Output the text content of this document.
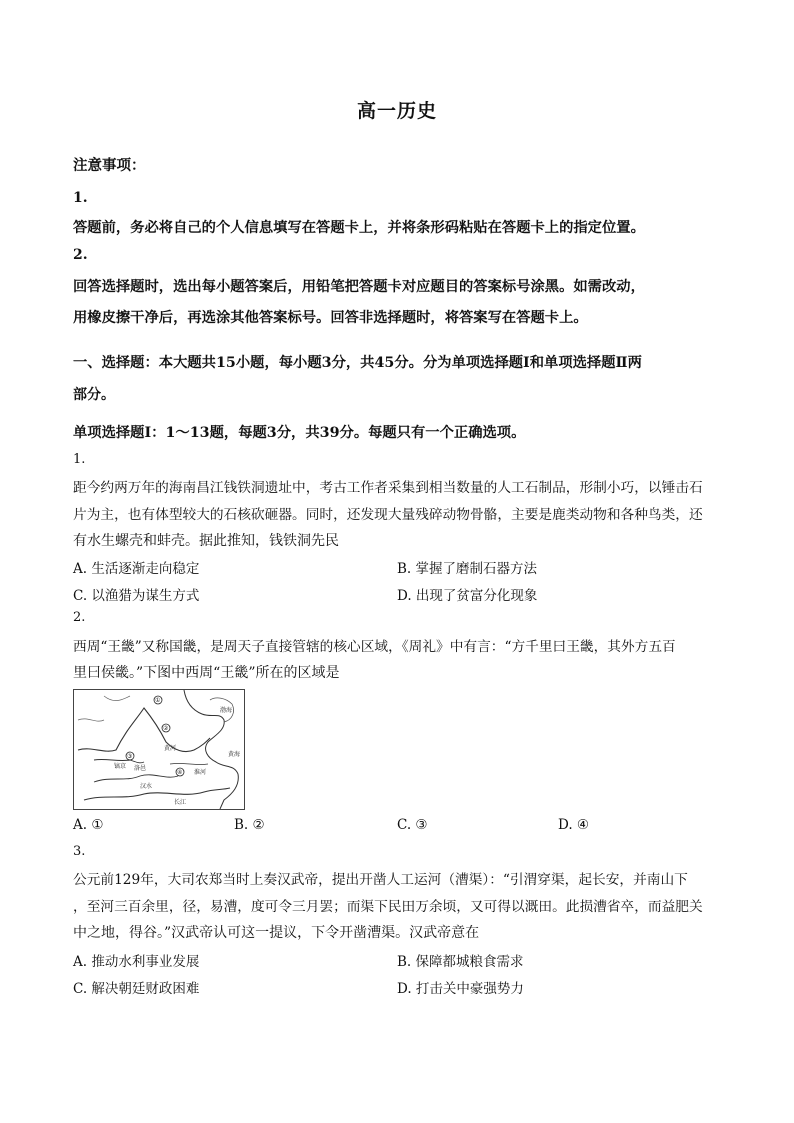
高一历史
注意事项：
1.
答题前，务必将自己的个人信息填写在答题卡上，并将条形码粘贴在答题卡上的指定位置。
2.
回答选择题时，选出每小题答案后，用铅笔把答题卡对应题目的答案标号涂黑。如需改动，
用橡皮擦干净后，再选涂其他答案标号。回答非选择题时，将答案写在答题卡上。
一、选择题：本大题共15小题，每小题3分，共45分。分为单项选择题Ⅰ和单项选择题Ⅱ两
部分。
单项选择题Ⅰ：1～13题，每题3分，共39分。每题只有一个正确选项。
1.
距今约两万年的海南昌江钱铁洞遗址中，考古工作者采集到相当数量的人工石制品，形制小巧，以锤击石
片为主，也有体型较大的石核砍砸器。同时，还发现大量残碎动物骨骼，主要是鹿类动物和各种鸟类，还
有水生螺壳和蚌壳。据此推知，钱铁洞先民
A. 生活逐渐走向稳定	B. 掌握了磨制石器方法
C. 以渔猎为谋生方式	D. 出现了贫富分化现象
2.
西周“王畿”又称国畿，是周天子直接管辖的核心区域，《周礼》中有言：“方千里曰王畿，其外方五百
里曰侯畿。”下图中西周“王畿”所在的区域是
渤海
黄河
洛邑
镐京
汉水
长江
黄海
淮河
①
②
③
④
A. ①	B. ②	C. ③	D. ④
3.
公元前129年，大司农郑当时上奏汉武帝，提出开凿人工运河（漕渠）：“引渭穿渠，起长安，并南山下
，至河三百余里，径，易漕，度可令三月罢；而渠下民田万余顷，又可得以溉田。此损漕省卒，而益肥关
中之地，得谷。”汉武帝认可这一提议，下令开凿漕渠。汉武帝意在
A. 推动水利事业发展	B. 保障都城粮食需求
C. 解决朝廷财政困难	D. 打击关中豪强势力
